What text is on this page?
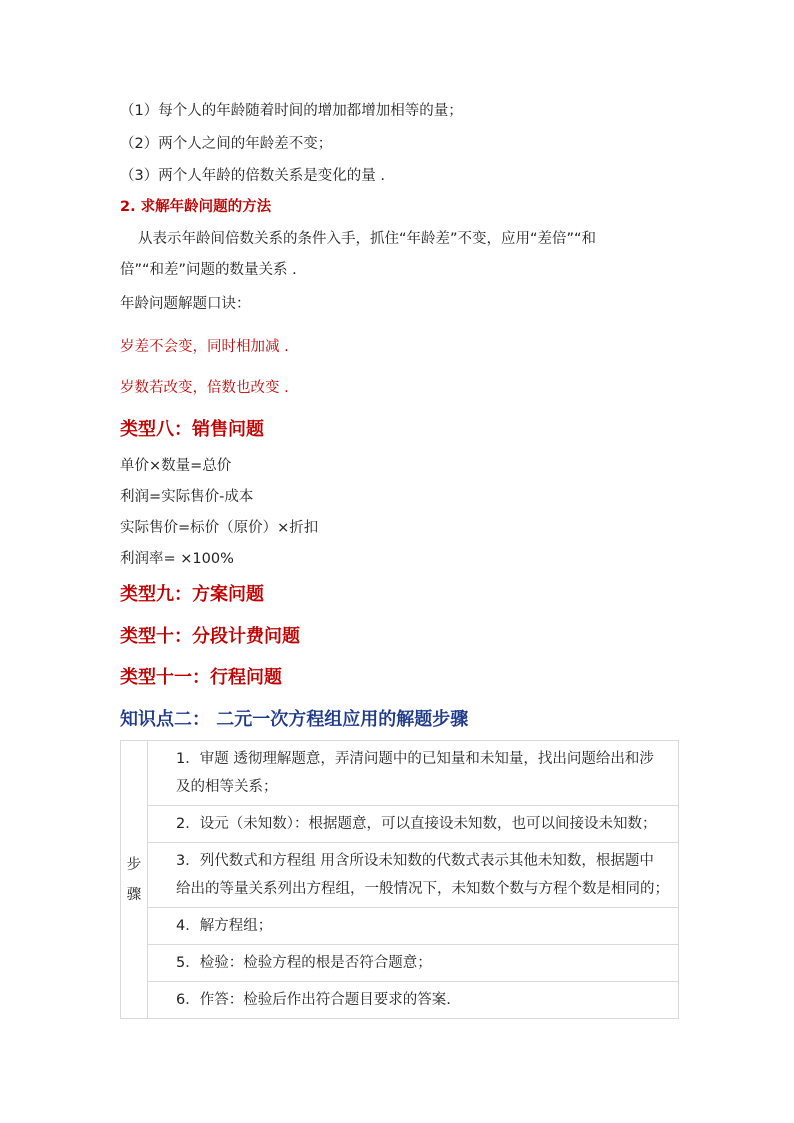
（1）每个人的年龄随着时间的增加都增加相等的量；
（2）两个人之间的年龄差不变；
（3）两个人年龄的倍数关系是变化的量 .
2. 求解年龄问题的方法
从表示年龄间倍数关系的条件入手，抓住“年龄差”不变，应用“差倍”“和
倍”“和差”问题的数量关系 .
年龄问题解题口诀：
岁差不会变，同时相加减 .
岁数若改变，倍数也改变 .
类型八：销售问题
单价×数量=总价
利润=实际售价-成本
实际售价=标价（原价）×折扣
利润率= ×100%
类型九：方案问题
类型十：分段计费问题
类型十一：行程问题
知识点二： 二元一次方程组应用的解题步骤
步
骤

1．审题 透彻理解题意，弄清问题中的已知量和未知量，找出问题给出和涉
及的相等关系；

2．设元（未知数）：根据题意，可以直接设未知数，也可以间接设未知数；

3．列代数式和方程组 用含所设未知数的代数式表示其他未知数，根据题中
给出的等量关系列出方程组，一般情况下，未知数个数与方程个数是相同的；

4．解方程组；

5．检验：检验方程的根是否符合题意；

6．作答：检验后作出符合题目要求的答案.
